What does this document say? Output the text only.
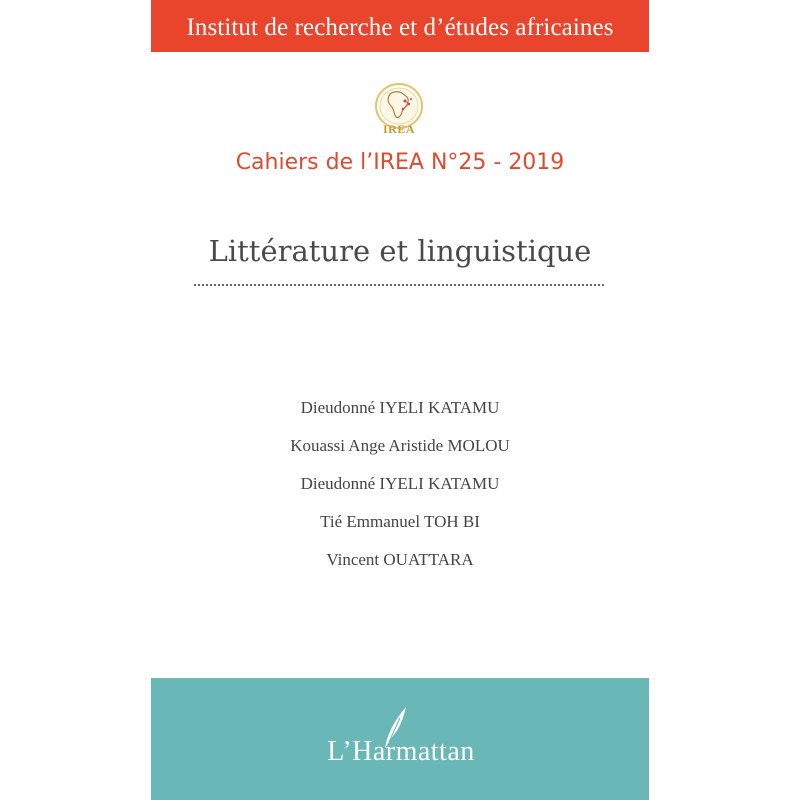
Institut de recherche et d’études africaines
IREA
Cahiers de l’IREA N°25 - 2019
Littérature et linguistique
Dieudonné IYELI KATAMU
Kouassi Ange Aristide MOLOU
Dieudonné IYELI KATAMU
Tié Emmanuel TOH BI
Vincent OUATTARA
L’Harmattan
